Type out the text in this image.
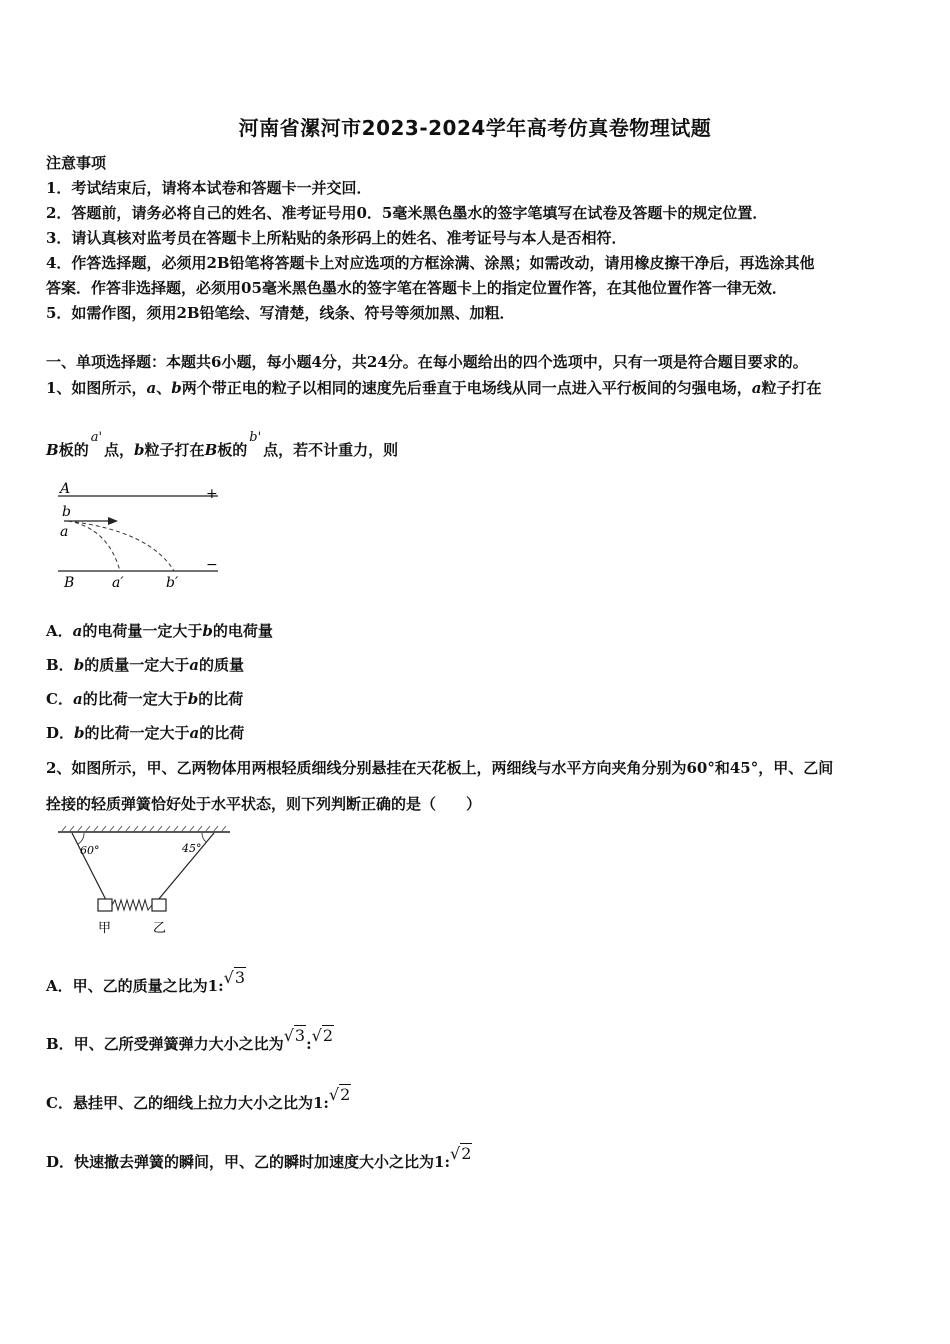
河南省漯河市2023-2024学年高考仿真卷物理试题
注意事项
1．考试结束后，请将本试卷和答题卡一并交回．
2．答题前，请务必将自己的姓名、准考证号用0．5毫米黑色墨水的签字笔填写在试卷及答题卡的规定位置．
3．请认真核对监考员在答题卡上所粘贴的条形码上的姓名、准考证号与本人是否相符．
4．作答选择题，必须用2B铅笔将答题卡上对应选项的方框涂满、涂黑；如需改动，请用橡皮擦干净后，再选涂其他
答案．作答非选择题，必须用05毫米黑色墨水的签字笔在答题卡上的指定位置作答，在其他位置作答一律无效．
5．如需作图，须用2B铅笔绘、写清楚，线条、符号等须加黑、加粗．
一、单项选择题：本题共6小题，每小题4分，共24分。在每小题给出的四个选项中，只有一项是符合题目要求的。
1、如图所示，a、b两个带正电的粒子以相同的速度先后垂直于电场线从同一点进入平行板间的匀强电场，a粒子打在
B板的a'点，b粒子打在B板的b'点，若不计重力，则
A	+
b
a
−
B	a′	b′
A．a的电荷量一定大于b的电荷量
B．b的质量一定大于a的质量
C．a的比荷一定大于b的比荷
D．b的比荷一定大于a的比荷
2、如图所示，甲、乙两物体用两根轻质细线分别悬挂在天花板上，两细线与水平方向夹角分别为60°和45°，甲、乙间
拴接的轻质弹簧恰好处于水平状态，则下列判断正确的是（　　）
60°	45°
甲	乙
A．甲、乙的质量之比为1:√3
B．甲、乙所受弹簧弹力大小之比为√3:√2
C．悬挂甲、乙的细线上拉力大小之比为1:√2
D．快速撤去弹簧的瞬间，甲、乙的瞬时加速度大小之比为1:√2
